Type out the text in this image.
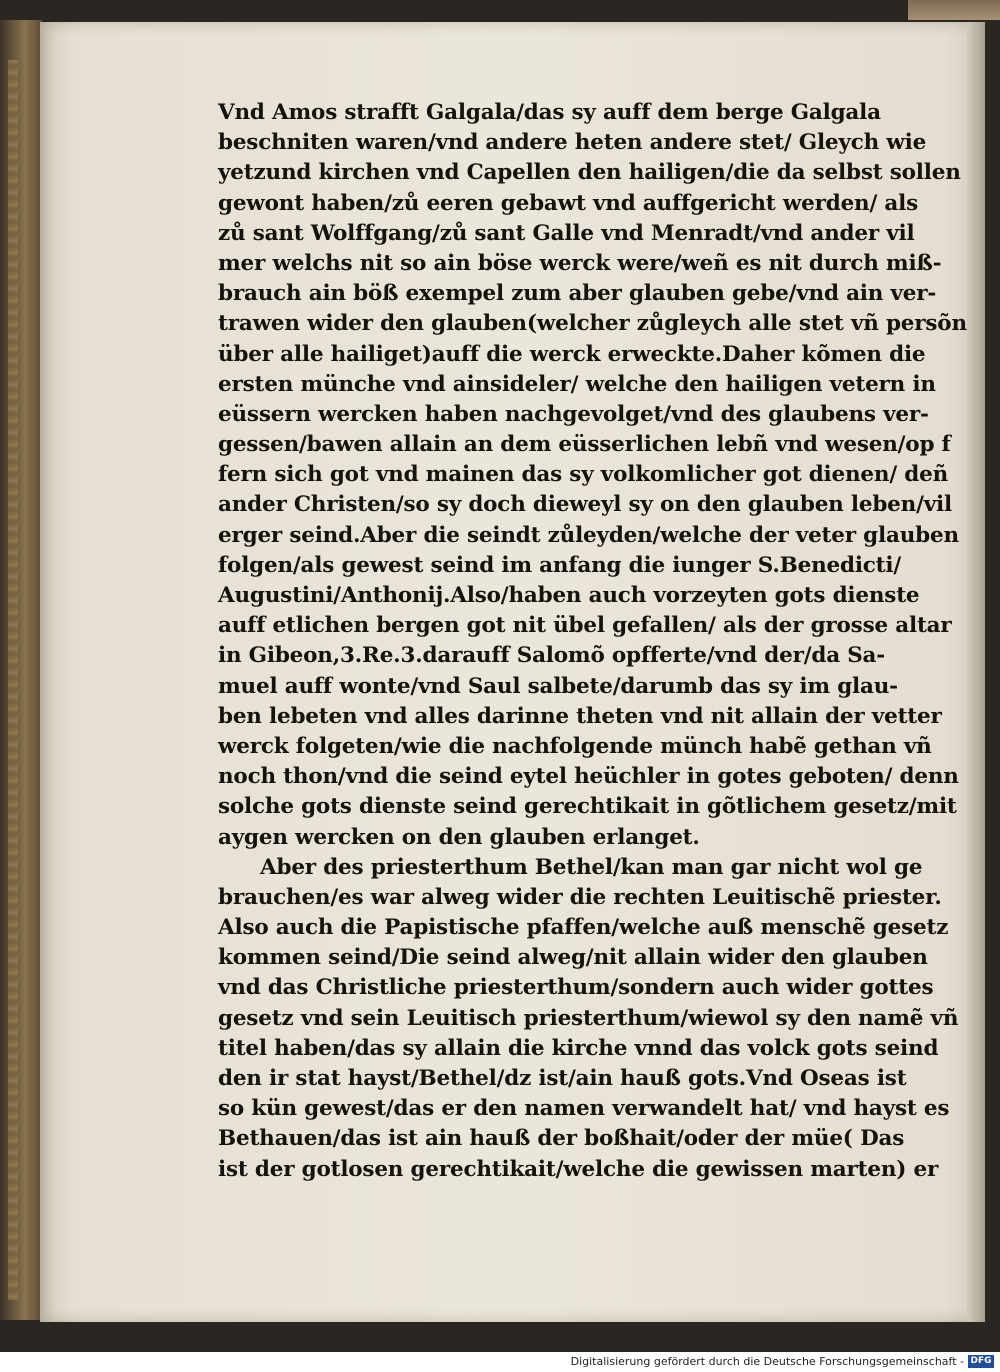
Vnd Amos strafft Galgala/das sy auff dem berge Galgala
beschniten waren/vnd andere heten andere stet/ Gleych wie
yetzund kirchen vnd Capellen den hailigen/die da selbst sollen
gewont haben/zů eeren gebawt vnd auffgericht werden/ als
zů sant Wolffgang/zů sant Galle vnd Menradt/vnd ander vil
mer welchs nit so ain böse werck were/weñ es nit durch miß-
brauch ain böß exempel zum aber glauben gebe/vnd ain ver-
trawen wider den glauben(welcher zůgleych alle stet vñ persõn
über alle hailiget)auff die werck erweckte.Daher kõmen die
ersten münche vnd ainsideler/ welche den hailigen vetern in
eüssern wercken haben nachgevolget/vnd des glaubens ver-
gessen/bawen allain an dem eüsserlichen lebñ vnd wesen/op f
fern sich got vnd mainen das sy volkomlicher got dienen/ deñ
ander Christen/so sy doch dieweyl sy on den glauben leben/vil
erger seind.Aber die seindt zůleyden/welche der veter glauben
folgen/als gewest seind im anfang die iunger S.Benedicti/
Augustini/Anthonij.Also/haben auch vorzeyten gots dienste
auff etlichen bergen got nit übel gefallen/ als der grosse altar
in Gibeon,3.Re.3.darauff Salomõ opfferte/vnd der/da Sa-
muel auff wonte/vnd Saul salbete/darumb das sy im glau-
ben lebeten vnd alles darinne theten vnd nit allain der vetter
werck folgeten/wie die nachfolgende münch habẽ gethan vñ
noch thon/vnd die seind eytel heüchler in gotes geboten/ denn
solche gots dienste seind gerechtikait in gõtlichem gesetz/mit
aygen wercken on den glauben erlanget.
Aber des priesterthum Bethel/kan man gar nicht wol ge
brauchen/es war alweg wider die rechten Leuitischẽ priester.
Also auch die Papistische pfaffen/welche auß menschẽ gesetz
kommen seind/Die seind alweg/nit allain wider den glauben
vnd das Christliche priesterthum/sondern auch wider gottes
gesetz vnd sein Leuitisch priesterthum/wiewol sy den namẽ vñ
titel haben/das sy allain die kirche vnnd das volck gots seind
den ir stat hayst/Bethel/dz ist/ain hauß gots.Vnd Oseas ist
so kün gewest/das er den namen verwandelt hat/ vnd hayst es
Bethauen/das ist ain hauß der boßhait/oder der müe( Das
ist der gotlosen gerechtikait/welche die gewissen marten) er
Digitalisierung gefördert durch die Deutsche Forschungsgemeinschaft - DFG
